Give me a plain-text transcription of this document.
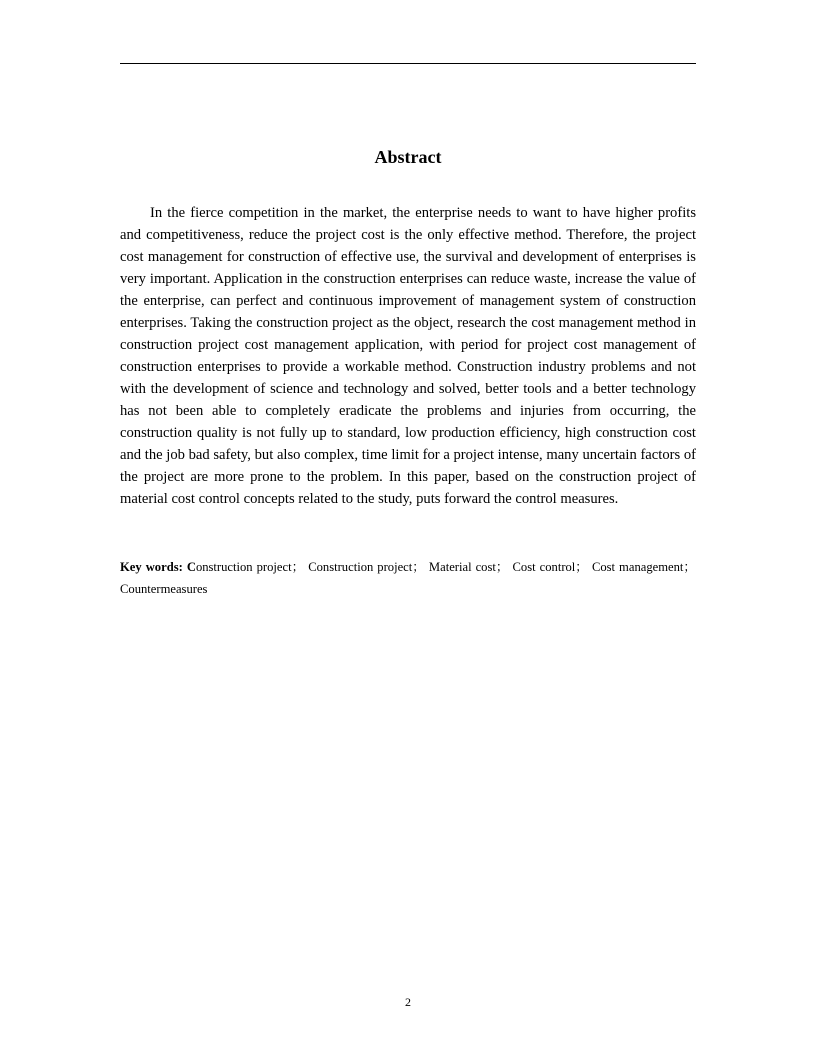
Abstract

In the fierce competition in the market, the enterprise needs to want to have higher profits and competitiveness, reduce the project cost is the only effective method. Therefore, the project cost management for construction of effective use, the survival and development of enterprises is very important. Application in the construction enterprises can reduce waste, increase the value of the enterprise, can perfect and continuous improvement of management system of construction enterprises. Taking the construction project as the object, research the cost management method in construction project cost management application, with period for project cost management of construction enterprises to provide a workable method. Construction industry problems and not with the development of science and technology and solved, better tools and a better technology has not been able to completely eradicate the problems and injuries from occurring, the construction quality is not fully up to standard, low production efficiency, high construction cost and the job bad safety, but also complex, time limit for a project intense, many uncertain factors of the project are more prone to the problem. In this paper, based on the construction project of material cost control concepts related to the study, puts forward the control measures.

Key words: Construction project； Construction project； Material cost； Cost control； Cost management； Countermeasures

2
